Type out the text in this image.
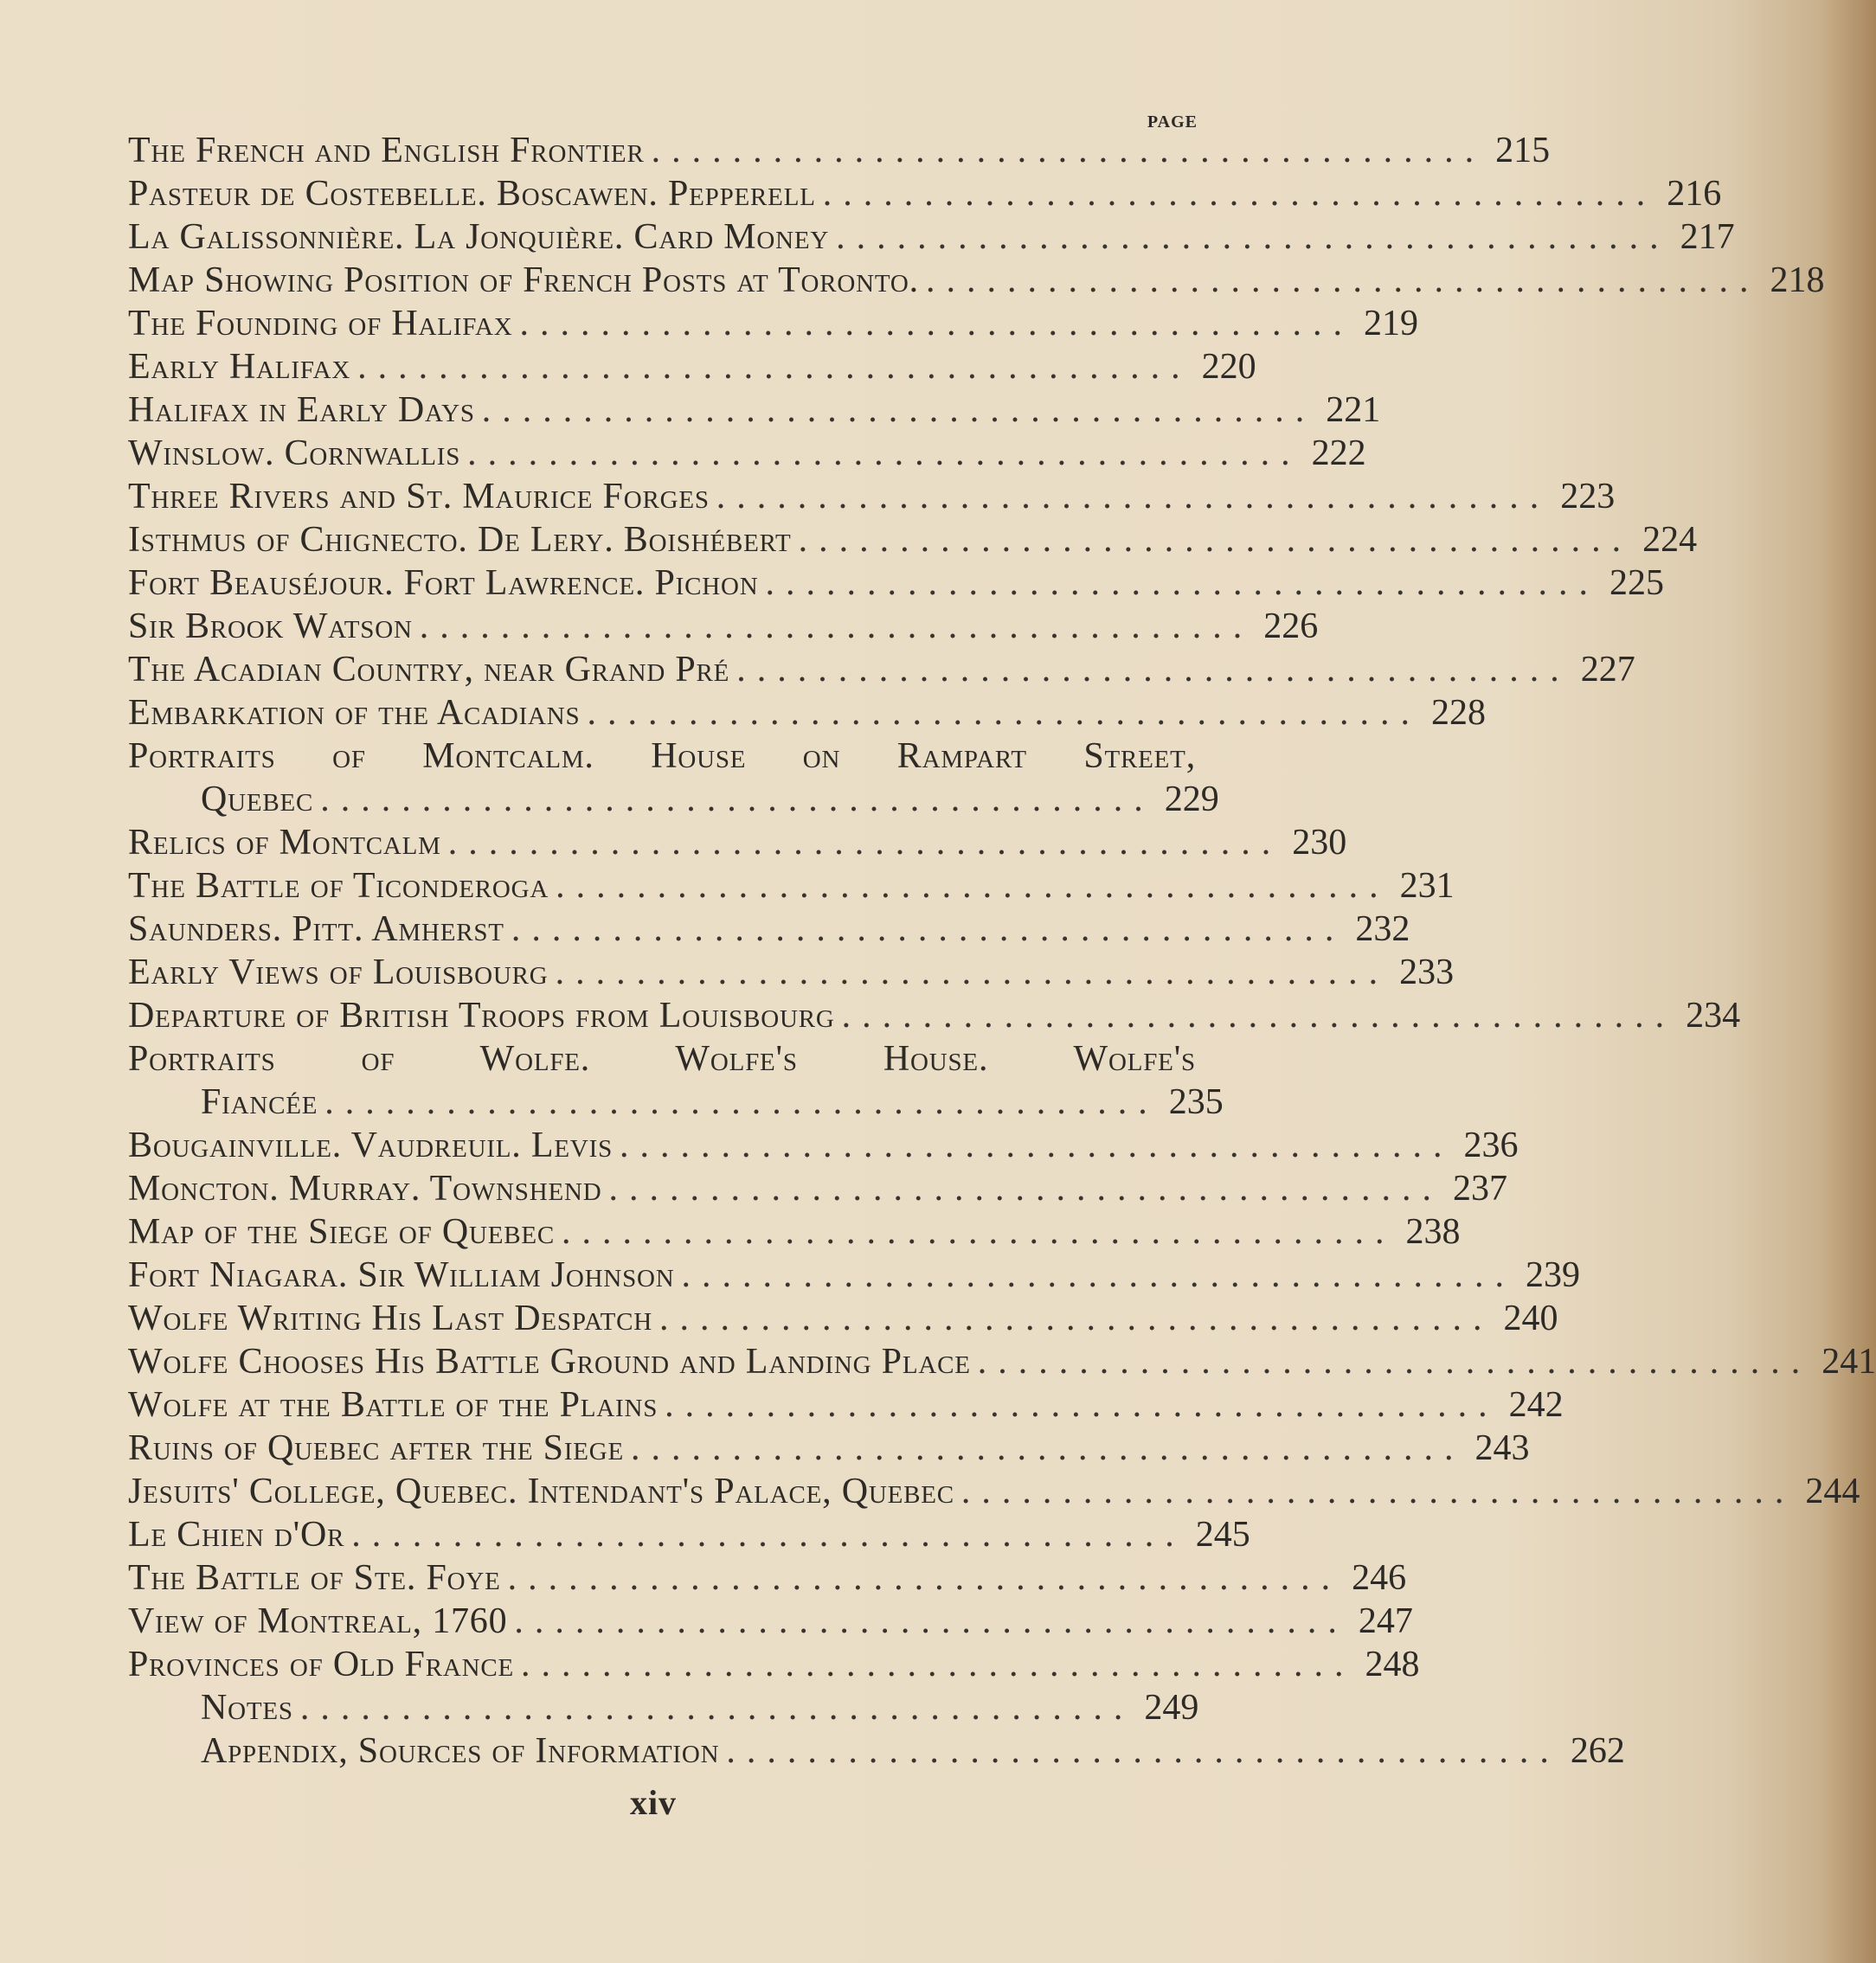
PAGE
The French and English Frontier ......................................... 215
Pasteur de Costebelle. Boscawen. Pepperell ......................................... 216
La Galissonnière. La Jonquière. Card Money ......................................... 217
Map Showing Position of French Posts at Toronto. ......................................... 218
The Founding of Halifax ......................................... 219
Early Halifax ......................................... 220
Halifax in Early Days ......................................... 221
Winslow. Cornwallis ......................................... 222
Three Rivers and St. Maurice Forges ......................................... 223
Isthmus of Chignecto. De Lery. Boishébert ......................................... 224
Fort Beauséjour. Fort Lawrence. Pichon ......................................... 225
Sir Brook Watson ......................................... 226
The Acadian Country, near Grand Pré ......................................... 227
Embarkation of the Acadians ......................................... 228
Portraits of Montcalm. House on Rampart Street,
Quebec ......................................... 229
Relics of Montcalm ......................................... 230
The Battle of Ticonderoga ......................................... 231
Saunders. Pitt. Amherst ......................................... 232
Early Views of Louisbourg ......................................... 233
Departure of British Troops from Louisbourg ......................................... 234
Portraits of Wolfe. Wolfe's House. Wolfe's
Fiancée ......................................... 235
Bougainville. Vaudreuil. Levis ......................................... 236
Moncton. Murray. Townshend ......................................... 237
Map of the Siege of Quebec ......................................... 238
Fort Niagara. Sir William Johnson ......................................... 239
Wolfe Writing His Last Despatch ......................................... 240
Wolfe Chooses His Battle Ground and Landing Place ......................................... 241
Wolfe at the Battle of the Plains ......................................... 242
Ruins of Quebec after the Siege ......................................... 243
Jesuits' College, Quebec. Intendant's Palace, Quebec ......................................... 244
Le Chien d'Or ......................................... 245
The Battle of Ste. Foye ......................................... 246
View of Montreal, 1760 ......................................... 247
Provinces of Old France ......................................... 248
Notes ......................................... 249
Appendix, Sources of Information ......................................... 262
xiv
